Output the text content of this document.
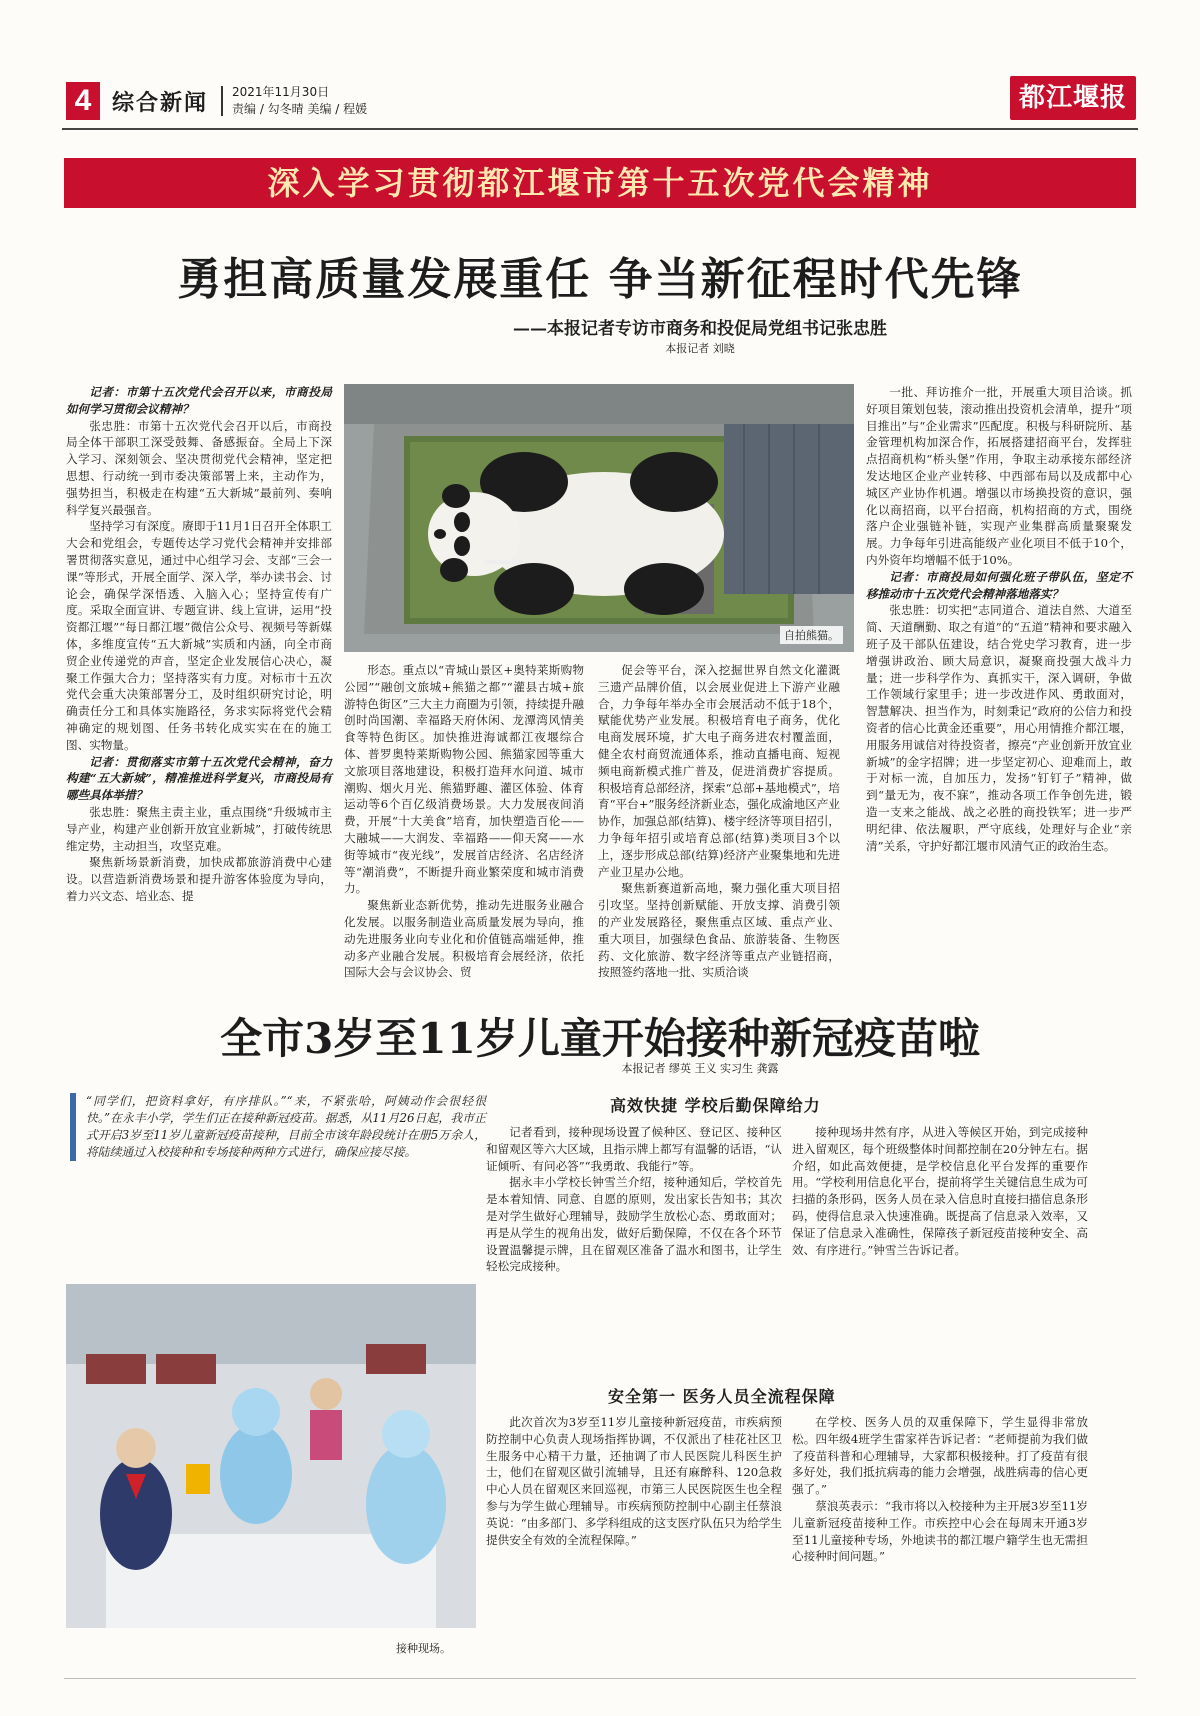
4 综合新闻 2021年11月30日
责编 / 勾冬晴 美编 / 程媛	都江堰报
深入学习贯彻都江堰市第十五次党代会精神
勇担高质量发展重任 争当新征程时代先锋
——本报记者专访市商务和投促局党组书记张忠胜
本报记者 刘晓

记者：市第十五次党代会召开以来，市商投局如何学习贯彻会议精神？

张忠胜：市第十五次党代会召开以后，市商投局全体干部职工深受鼓舞、备感振奋。全局上下深入学习、深刻领会、坚决贯彻党代会精神，坚定把思想、行动统一到市委决策部署上来，主动作为，强势担当，积极走在构建“五大新城”最前列、奏响科学复兴最强音。

坚持学习有深度。赓即于11月1日召开全体职工大会和党组会，专题传达学习党代会精神并安排部署贯彻落实意见，通过中心组学习会、支部“三会一课”等形式，开展全面学、深入学，举办读书会、讨论会，确保学深悟透、入脑入心；坚持宣传有广度。采取全面宣讲、专题宣讲、线上宣讲，运用“投资都江堰”“每日都江堰”微信公众号、视频号等新媒体，多维度宣传“五大新城”实质和内涵，向全市商贸企业传递党的声音，坚定企业发展信心决心，凝聚工作强大合力；坚持落实有力度。对标市十五次党代会重大决策部署分工，及时组织研究讨论，明确责任分工和具体实施路径，务求实际将党代会精神确定的规划图、任务书转化成实实在在的施工图、实物量。

记者：贯彻落实市第十五次党代会精神，奋力构建“五大新城”，精准推进科学复兴，市商投局有哪些具体举措？

张忠胜：聚焦主责主业，重点围绕“升级城市主导产业，构建产业创新开放宜业新城”，打破传统思维定势，主动担当，攻坚克难。

聚焦新场景新消费，加快成都旅游消费中心建设。以营造新消费场景和提升游客体验度为导向，着力兴文态、培业态、提

自拍熊猫。

形态。重点以“青城山景区+奥特莱斯购物公园”“融创文旅城+熊猫之都”“灌县古城+旅游特色街区”三大主力商圈为引领，持续提升融创时尚国潮、幸福路天府休闲、龙潭湾风情美食等特色街区。加快推进海诚都江夜堰综合体、普罗奥特莱斯购物公园、熊猫家园等重大文旅项目落地建设，积极打造拜水问道、城市潮购、烟火月光、熊猫野趣、灌区体验、体育运动等6个百亿级消费场景。大力发展夜间消费，开展“十大美食”培育，加快塑造百伦——大融城——大润发、幸福路——仰天窝——水街等城市“夜光线”，发展首店经济、名店经济等“潮消费”，不断提升商业繁荣度和城市消费力。

聚焦新业态新优势，推动先进服务业融合化发展。以服务制造业高质量发展为导向，推动先进服务业向专业化和价值链高端延伸，推动多产业融合发展。积极培育会展经济，依托国际大会与会议协会、贸

促会等平台，深入挖掘世界自然文化灌溉三遗产品牌价值，以会展业促进上下游产业融合，力争每年举办全市会展活动不低于18个，赋能优势产业发展。积极培育电子商务，优化电商发展环境，扩大电子商务进农村覆盖面，健全农村商贸流通体系，推动直播电商、短视频电商新模式推广普及，促进消费扩容提质。积极培育总部经济，探索“总部+基地模式”，培育“平台+”服务经济新业态，强化成渝地区产业协作，加强总部(结算)、楼宇经济等项目招引，力争每年招引或培育总部(结算)类项目3个以上，逐步形成总部(结算)经济产业聚集地和先进产业卫星办公地。

聚焦新赛道新高地，聚力强化重大项目招引攻坚。坚持创新赋能、开放支撑、消费引领的产业发展路径，聚焦重点区域、重点产业、重大项目，加强绿色食品、旅游装备、生物医药、文化旅游、数字经济等重点产业链招商，按照签约落地一批、实质洽谈

一批、拜访推介一批，开展重大项目洽谈。抓好项目策划包装，滚动推出投资机会清单，提升“项目推出”与“企业需求”匹配度。积极与科研院所、基金管理机构加深合作，拓展搭建招商平台，发挥驻点招商机构“桥头堡”作用，争取主动承接东部经济发达地区企业产业转移、中西部布局以及成都中心城区产业协作机遇。增强以市场换投资的意识，强化以商招商，以平台招商，机构招商的方式，围绕落户企业强链补链，实现产业集群高质量聚聚发展。力争每年引进高能级产业化项目不低于10个，内外资年均增幅不低于10%。

记者：市商投局如何强化班子带队伍，坚定不移推动市十五次党代会精神落地落实？

张忠胜：切实把“志同道合、道法自然、大道至简、天道酬勤、取之有道”的“五道”精神和要求融入班子及干部队伍建设，结合党史学习教育，进一步增强讲政治、顾大局意识，凝聚商投强大战斗力量；进一步科学作为、真抓实干，深入调研，争做工作领域行家里手；进一步改进作风、勇敢面对，智慧解决、担当作为，时刻秉记“政府的公信力和投资者的信心比黄金还重要”，用心用情推介都江堰，用服务用诚信对待投资者，擦亮“产业创新开放宜业新城”的金字招牌；进一步坚定初心、迎难而上，敢于对标一流，自加压力，发扬“钉钉子”精神，做到“量无为，夜不寐”，推动各项工作争创先进，锻造一支来之能战、战之必胜的商投铁军；进一步严明纪律、依法履职，严守底线，处理好与企业“亲清”关系，守护好都江堰市风清气正的政治生态。

全市3岁至11岁儿童开始接种新冠疫苗啦
本报记者 缪英 王义 实习生 龚露
“同学们，把资料拿好，有序排队。”“来，不紧张哈，阿姨动作会很轻很快。”在永丰小学，学生们正在接种新冠疫苗。据悉，从11月26日起，我市正式开启3岁至11岁儿童新冠疫苗接种，目前全市该年龄段统计在册5万余人，将陆续通过入校接种和专场接种两种方式进行，确保应接尽接。
接种现场。
高效快捷 学校后勤保障给力

记者看到，接种现场设置了候种区、登记区、接种区和留观区等六大区域，且指示牌上都写有温馨的话语，“认证倾听、有问必答”“我勇敢、我能行”等。

据永丰小学校长钟雪兰介绍，接种通知后，学校首先是本着知情、同意、自愿的原则，发出家长告知书；其次是对学生做好心理辅导，鼓励学生放松心态、勇敢面对；再是从学生的视角出发，做好后勤保障，不仅在各个环节设置温馨提示牌，且在留观区准备了温水和图书，让学生轻松完成接种。

接种现场井然有序，从进入等候区开始，到完成接种进入留观区，每个班级整体时间都控制在20分钟左右。据介绍，如此高效便捷，是学校信息化平台发挥的重要作用。“学校利用信息化平台，提前将学生关键信息生成为可扫描的条形码，医务人员在录入信息时直接扫描信息条形码，使得信息录入快速准确。既提高了信息录入效率，又保证了信息录入准确性，保障孩子新冠疫苗接种安全、高效、有序进行。”钟雪兰告诉记者。

安全第一 医务人员全流程保障

此次首次为3岁至11岁儿童接种新冠疫苗，市疾病预防控制中心负责人现场指挥协调，不仅派出了桂花社区卫生服务中心精干力量，还抽调了市人民医院儿科医生护士，他们在留观区做引流辅导，且还有麻醉科、120急救中心人员在留观区来回巡视，市第三人民医院医生也全程参与为学生做心理辅导。市疾病预防控制中心副主任蔡浪英说：“由多部门、多学科组成的这支医疗队伍只为给学生提供安全有效的全流程保障。”

在学校、医务人员的双重保障下，学生显得非常放松。四年级4班学生雷家祥告诉记者：“老师提前为我们做了疫苗科普和心理辅导，大家都积极接种。打了疫苗有很多好处，我们抵抗病毒的能力会增强，战胜病毒的信心更强了。”

蔡浪英表示：“我市将以入校接种为主开展3岁至11岁儿童新冠疫苗接种工作。市疾控中心会在每周末开通3岁至11儿童接种专场，外地读书的都江堰户籍学生也无需担心接种时间问题。”
